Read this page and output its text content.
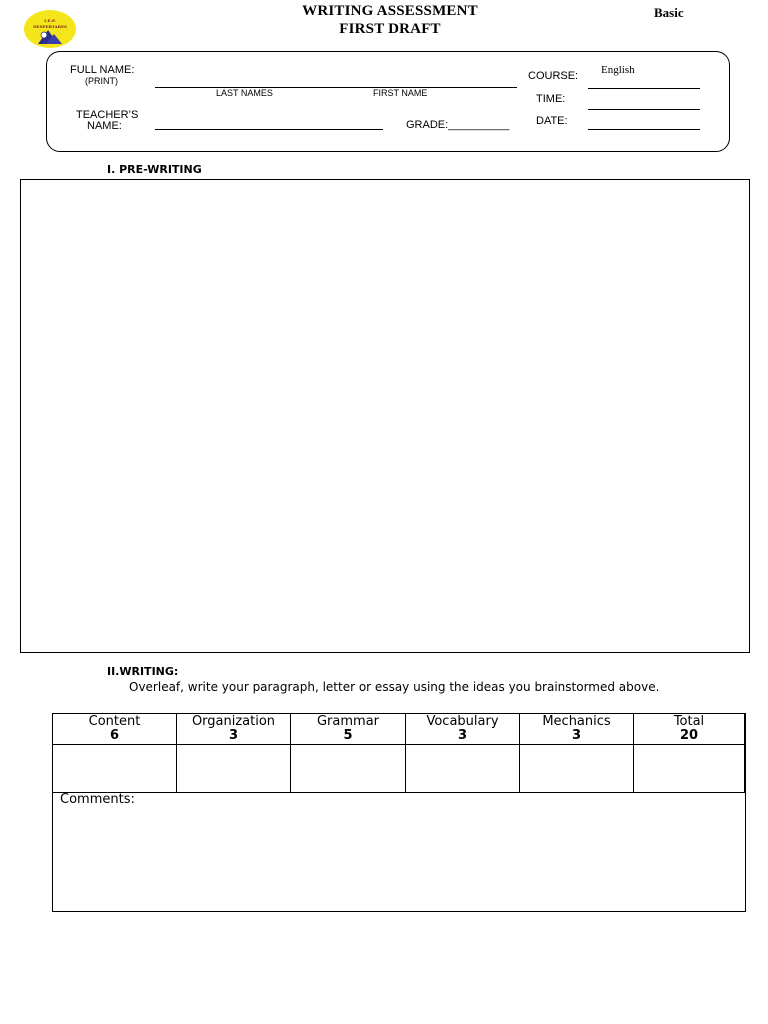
I.E.P.
DESPERTARES
WRITING ASSESSMENT
FIRST DRAFT
Basic
FULL NAME:
(PRINT)
LAST NAMES	FIRST NAME
TEACHER’S
NAME:	GRADE:__________
COURSE: English
TIME:
DATE:
I. PRE-WRITING
II.WRITING:
Overleaf, write your paragraph, letter or essay using the ideas you brainstormed above.
Content
6
Organization
3
Grammar
5
Vocabulary
3
Mechanics
3
Total
20
Comments:
